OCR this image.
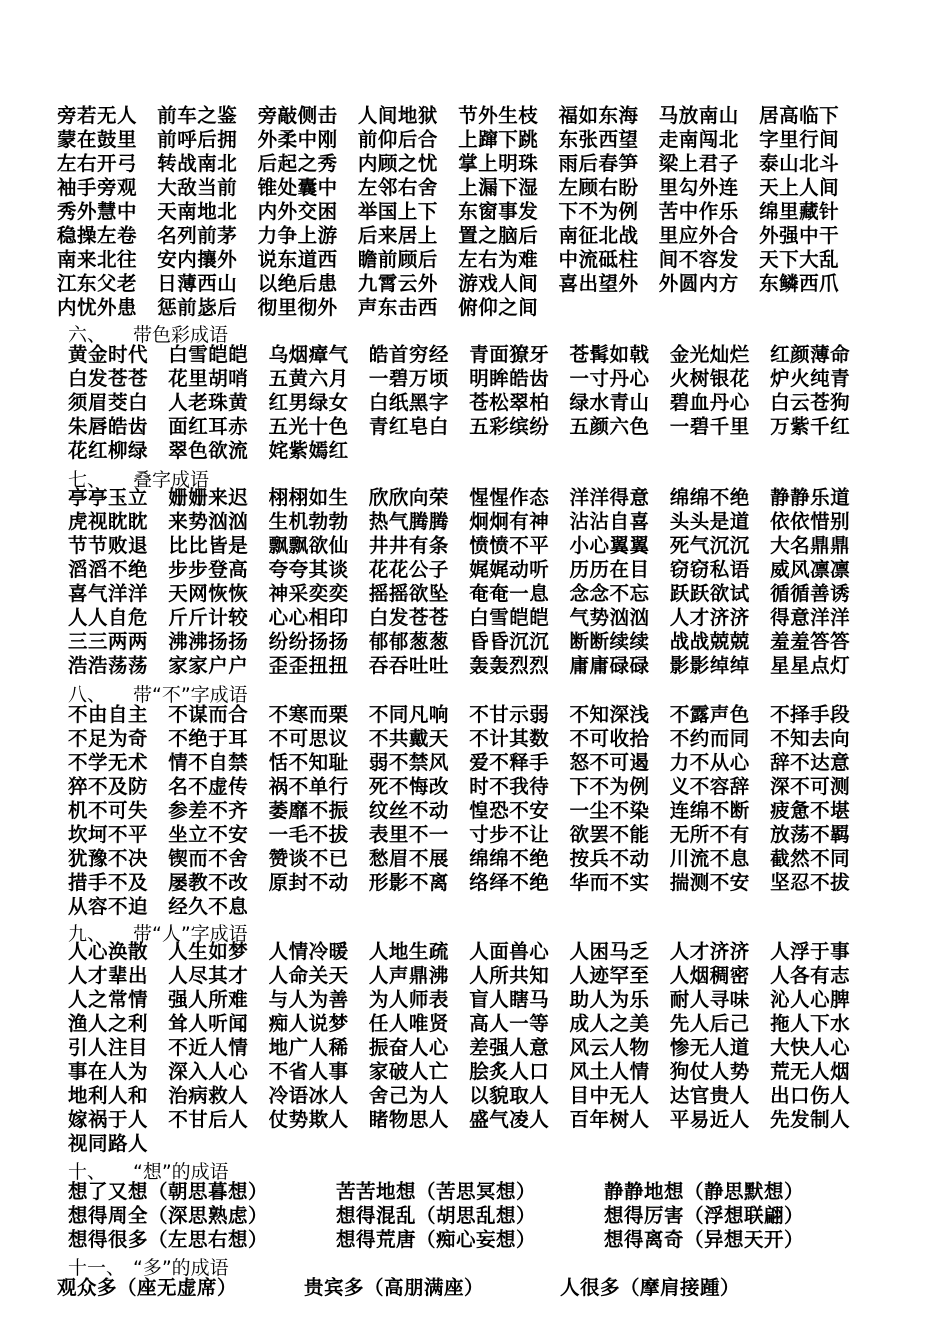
旁若无人	前车之鉴	旁敲侧击	人间地狱	节外生枝	福如东海	马放南山	居高临下
蒙在鼓里	前呼后拥	外柔中刚	前仰后合	上蹿下跳	东张西望	走南闯北	字里行间
左右开弓	转战南北	后起之秀	内顾之忧	掌上明珠	雨后春笋	梁上君子	泰山北斗
袖手旁观	大敌当前	锥处囊中	左邻右舍	上漏下湿	左顾右盼	里勾外连	天上人间
秀外慧中	天南地北	内外交困	举国上下	东窗事发	下不为例	苦中作乐	绵里藏针
稳操左卷	名列前茅	力争上游	后来居上	置之脑后	南征北战	里应外合	外强中干
南来北往	安内攘外	说东道西	瞻前顾后	左右为难	中流砥柱	间不容发	天下大乱
江东父老	日薄西山	以绝后患	九霄云外	游戏人间	喜出望外	外圆内方	东鳞西爪
内忧外患	惩前毖后	彻里彻外	声东击西	俯仰之间
六、 带色彩成语
黄金时代	白雪皑皑	乌烟瘴气	皓首穷经	青面獠牙	苍髯如戟	金光灿烂	红颜薄命
白发苍苍	花里胡哨	五黄六月	一碧万顷	明眸皓齿	一寸丹心	火树银花	炉火纯青
须眉茭白	人老珠黄	红男绿女	白纸黑字	苍松翠柏	绿水青山	碧血丹心	白云苍狗
朱唇皓齿	面红耳赤	五光十色	青红皂白	五彩缤纷	五颜六色	一碧千里	万紫千红
花红柳绿	翠色欲流	姹紫嫣红
七、 叠字成语
亭亭玉立	姗姗来迟	栩栩如生	欣欣向荣	惺惺作态	洋洋得意	绵绵不绝	静静乐道
虎视眈眈	来势汹汹	生机勃勃	热气腾腾	炯炯有神	沾沾自喜	头头是道	依依惜别
节节败退	比比皆是	飘飘欲仙	井井有条	愤愤不平	小心翼翼	死气沉沉	大名鼎鼎
滔滔不绝	步步登高	夸夸其谈	花花公子	娓娓动听	历历在目	窃窃私语	威风凛凛
喜气洋洋	天网恢恢	神采奕奕	摇摇欲坠	奄奄一息	念念不忘	跃跃欲试	循循善诱
人人自危	斤斤计较	心心相印	白发苍苍	白雪皑皑	气势汹汹	人才济济	得意洋洋
三三两两	沸沸扬扬	纷纷扬扬	郁郁葱葱	昏昏沉沉	断断续续	战战兢兢	羞羞答答
浩浩荡荡	家家户户	歪歪扭扭	吞吞吐吐	轰轰烈烈	庸庸碌碌	影影绰绰	星星点灯
八、 带“不”字成语
不由自主	不谋而合	不寒而栗	不同凡响	不甘示弱	不知深浅	不露声色	不择手段
不足为奇	不绝于耳	不可思议	不共戴天	不计其数	不可收拾	不约而同	不知去向
不学无术	情不自禁	恬不知耻	弱不禁风	爱不释手	怒不可遏	力不从心	辞不达意
猝不及防	名不虚传	祸不单行	死不悔改	时不我待	下不为例	义不容辞	深不可测
机不可失	参差不齐	萎靡不振	纹丝不动	惶恐不安	一尘不染	连绵不断	疲惫不堪
坎坷不平	坐立不安	一毛不拔	表里不一	寸步不让	欲罢不能	无所不有	放荡不羁
犹豫不决	锲而不舍	赞谈不已	愁眉不展	绵绵不绝	按兵不动	川流不息	截然不同
措手不及	屡教不改	原封不动	形影不离	络绎不绝	华而不实	揣测不安	坚忍不拔
从容不迫	经久不息
九、 带“人”字成语
人心涣散	人生如梦	人情冷暖	人地生疏	人面兽心	人困马乏	人才济济	人浮于事
人才辈出	人尽其才	人命关天	人声鼎沸	人所共知	人迹罕至	人烟稠密	人各有志
人之常情	强人所难	与人为善	为人师表	盲人瞎马	助人为乐	耐人寻味	沁人心脾
渔人之利	耸人听闻	痴人说梦	任人唯贤	高人一等	成人之美	先人后己	拖人下水
引人注目	不近人情	地广人稀	振奋人心	差强人意	风云人物	惨无人道	大快人心
事在人为	深入人心	不省人事	家破人亡	脍炙人口	风土人情	狗仗人势	荒无人烟
地利人和	治病救人	冷语冰人	舍己为人	以貌取人	目中无人	达官贵人	出口伤人
嫁祸于人	不甘后人	仗势欺人	睹物思人	盛气凌人	百年树人	平易近人	先发制人
视同路人
十、 “想”的成语
想了又想（朝思暮想）	苦苦地想（苦思冥想）	静静地想（静思默想）
想得周全（深思熟虑）	想得混乱（胡思乱想）	想得厉害（浮想联翩）
想得很多（左思右想）	想得荒唐（痴心妄想）	想得离奇（异想天开）
十一、 “多”的成语
观众多（座无虚席）	贵宾多（高朋满座）	人很多（摩肩接踵）
